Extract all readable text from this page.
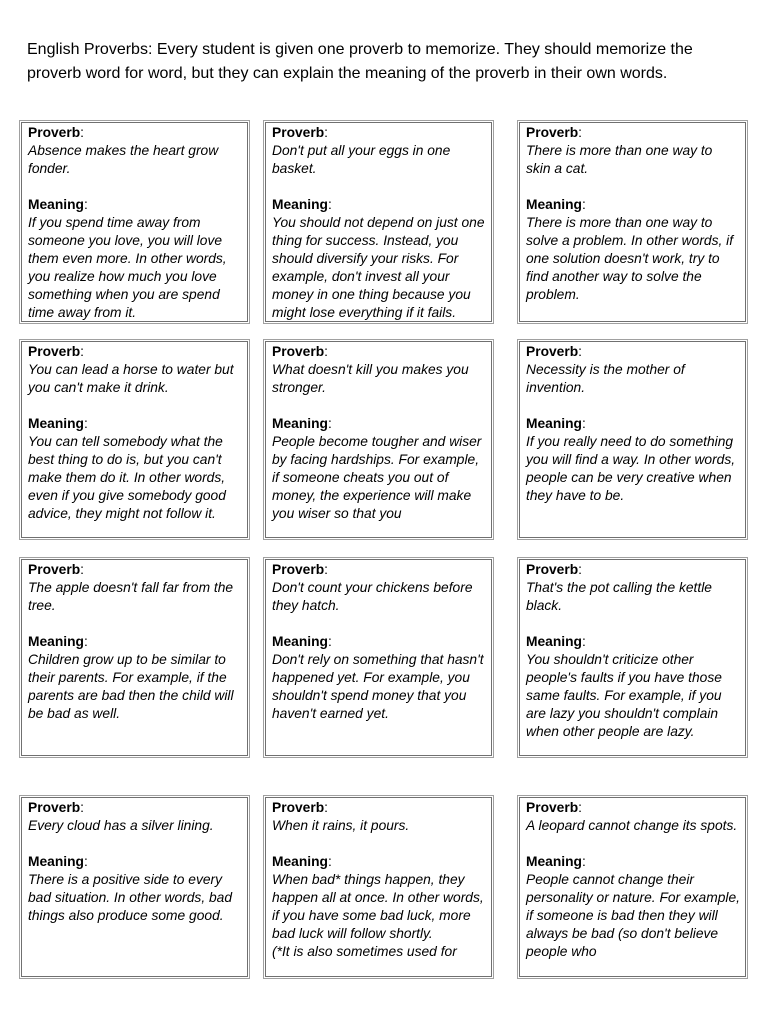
English Proverbs: Every student is given one proverb to memorize. They should memorize the proverb word for word, but they can explain the meaning of the proverb in their own words.

Proverb:
Absence makes the heart grow fonder.
Meaning:
If you spend time away from someone you love, you will love them even more. In other words, you realize how much you love something when you are spend time away from it.
Proverb:
Don't put all your eggs in one basket.
Meaning:
You should not depend on just one thing for success. Instead, you should diversify your risks. For example, don't invest all your money in one thing because you might lose everything if it fails.
Proverb:
There is more than one way to skin a cat.
Meaning:
There is more than one way to solve a problem. In other words, if one solution doesn't work, try to find another way to solve the problem.
Proverb:
You can lead a horse to water but you can't make it drink.
Meaning:
You can tell somebody what the best thing to do is, but you can't make them do it. In other words, even if you give somebody good advice, they might not follow it.
Proverb:
What doesn't kill you makes you stronger.
Meaning:
People become tougher and wiser by facing hardships. For example, if someone cheats you out of money, the experience will make you wiser so that you
Proverb:
Necessity is the mother of invention.
Meaning:
If you really need to do something you will find a way. In other words, people can be very creative when they have to be.
Proverb:
The apple doesn't fall far from the tree.
Meaning:
Children grow up to be similar to their parents. For example, if the parents are bad then the child will be bad as well.
Proverb:
Don't count your chickens before they hatch.
Meaning:
Don't rely on something that hasn't happened yet. For example, you shouldn't spend money that you haven't earned yet.
Proverb:
That's the pot calling the kettle black.
Meaning:
You shouldn't criticize other people's faults if you have those same faults. For example, if you are lazy you shouldn't complain when other people are lazy.
Proverb:
Every cloud has a silver lining.
Meaning:
There is a positive side to every bad situation. In other words, bad things also produce some good.
Proverb:
When it rains, it pours.
Meaning:
When bad* things happen, they happen all at once. In other words, if you have some bad luck, more bad luck will follow shortly.
(*It is also sometimes used for
Proverb:
A leopard cannot change its spots.
Meaning:
People cannot change their personality or nature. For example, if someone is bad then they will always be bad (so don't believe people who
